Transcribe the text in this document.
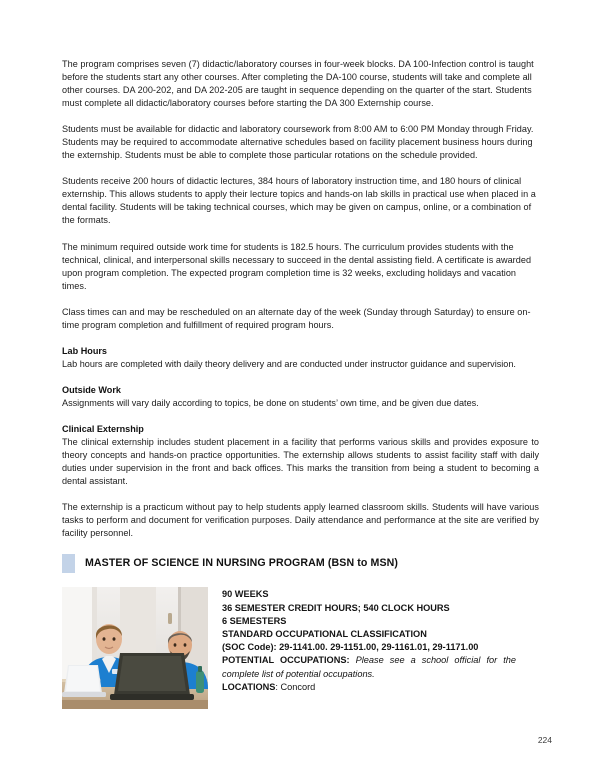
The program comprises seven (7) didactic/laboratory courses in four-week blocks. DA 100-Infection control is taught before the students start any other courses. After completing the DA-100 course, students will take and complete all other courses. DA 200-202, and DA 202-205 are taught in sequence depending on the quarter of the start. Students must complete all didactic/laboratory courses before starting the DA 300 Externship course.

Students must be available for didactic and laboratory coursework from 8:00 AM to 6:00 PM Monday through Friday. Students may be required to accommodate alternative schedules based on facility placement business hours during the externship. Students must be able to complete those particular rotations on the schedule provided.

Students receive 200 hours of didactic lectures, 384 hours of laboratory instruction time, and 180 hours of clinical externship. This allows students to apply their lecture topics and hands-on lab skills in practical use when placed in a dental facility. Students will be taking technical courses, which may be given on campus, online, or a combination of the formats.

The minimum required outside work time for students is 182.5 hours. The curriculum provides students with the technical, clinical, and interpersonal skills necessary to succeed in the dental assisting field. A certificate is awarded upon program completion. The expected program completion time is 32 weeks, excluding holidays and vacation times.

Class times can and may be rescheduled on an alternate day of the week (Sunday through Saturday) to ensure on-time program completion and fulfillment of required program hours.

Lab Hours

Lab hours are completed with daily theory delivery and are conducted under instructor guidance and supervision.

Outside Work

Assignments will vary daily according to topics, be done on students’ own time, and be given due dates.

Clinical Externship

The clinical externship includes student placement in a facility that performs various skills and provides exposure to theory concepts and hands-on practice opportunities. The externship allows students to assist facility staff with daily duties under supervision in the front and back offices. This marks the transition from being a student to becoming a dental assistant.

The externship is a practicum without pay to help students apply learned classroom skills. Students will have various tasks to perform and document for verification purposes. Daily attendance and performance at the site are verified by facility personnel.

MASTER OF SCIENCE IN NURSING PROGRAM (BSN to MSN)
90 WEEKS
36 SEMESTER CREDIT HOURS; 540 CLOCK HOURS
6 SEMESTERS
STANDARD OCCUPATIONAL CLASSIFICATION
(SOC Code): 29-1141.00. 29-1151.00, 29-1161.01, 29-1171.00
POTENTIAL OCCUPATIONS: Please see a school official for the complete list of potential occupations.
LOCATIONS: Concord
224
